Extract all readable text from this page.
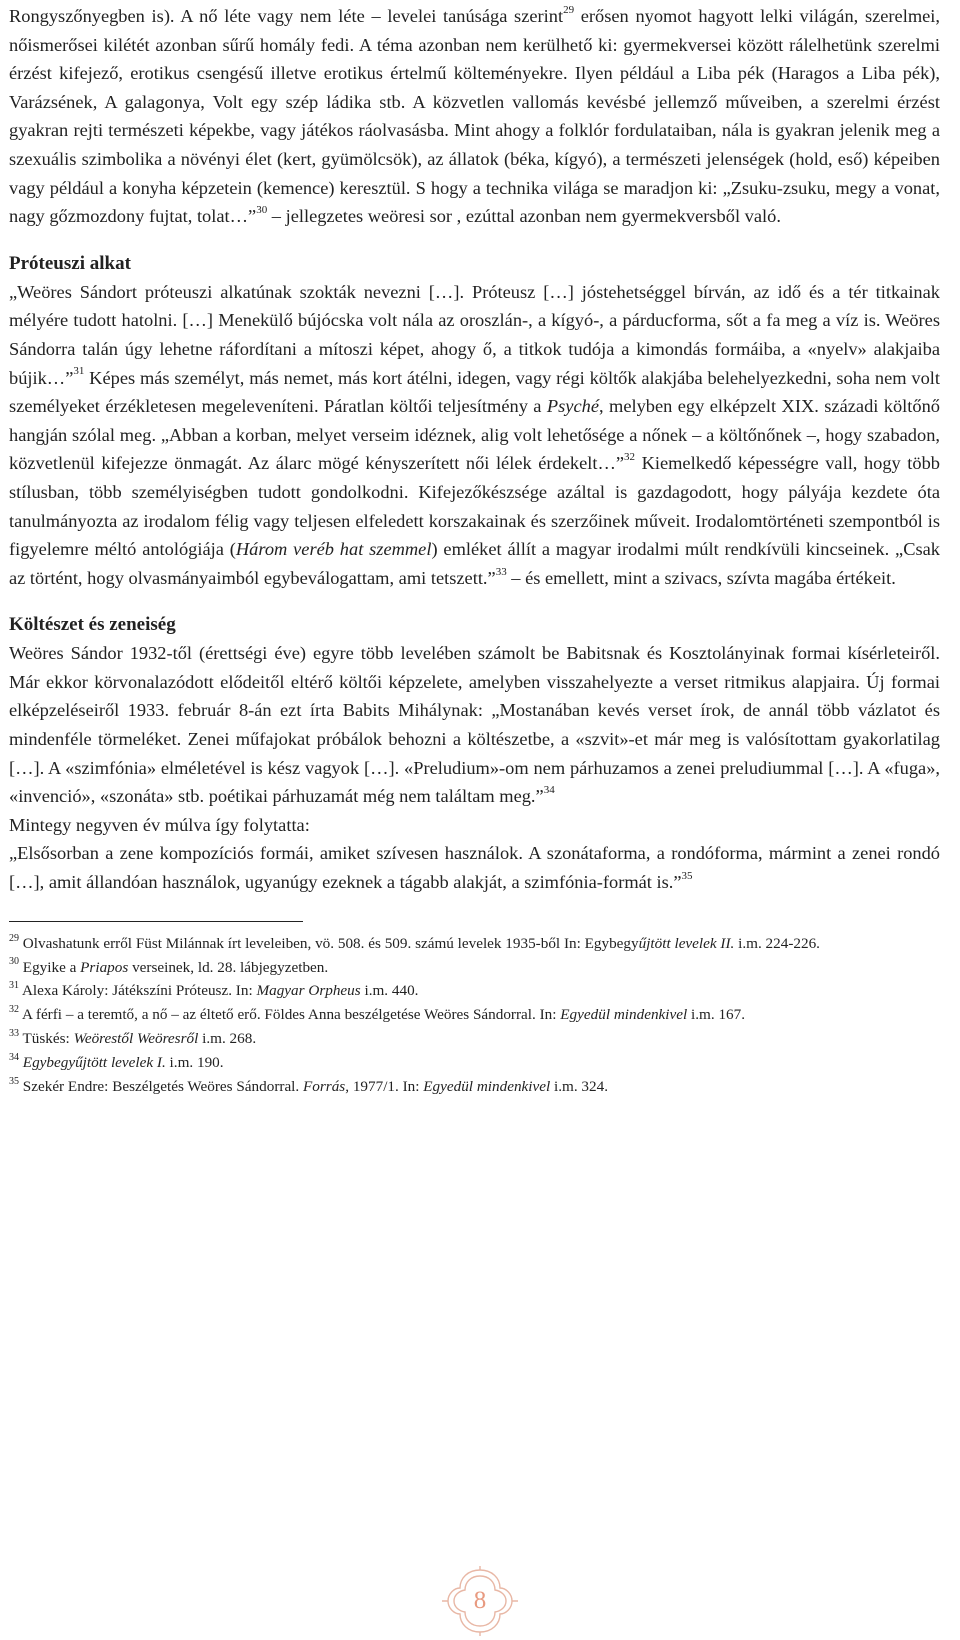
Rongyszőnyegben is). A nő léte vagy nem léte – levelei tanúsága szerint$^{29}$ erősen nyomot hagyott lelki világán, szerelmei, nőismerősei kilétét azonban sűrű homály fedi. A téma azonban nem kerülhető ki: gyermekversei között rálelhetünk szerelmi érzést kifejező, erotikus csengésű illetve erotikus értelmű költeményekre. Ilyen például a Liba pék (Haragos a Liba pék), Varázsének, A galagonya, Volt egy szép ládika stb. A közvetlen vallomás kevésbé jellemző műveiben, a szerelmi érzést gyakran rejti természeti képekbe, vagy játékos ráolvasásba. Mint ahogy a folklór fordulataiban, nála is gyakran jelenik meg a szexuális szimbolika a növényi élet (kert, gyümölcsök), az állatok (béka, kígyó), a természeti jelenségek (hold, eső) képeiben vagy például a konyha képzetein (kemence) keresztül. S hogy a technika világa se maradjon ki: „Zsuku-zsuku, megy a vonat, nagy gőzmozdony fujtat, tolat…”$^{30}$ – jellegzetes weöresi sor , ezúttal azonban nem gyermekversből való.

Próteuszi alkat

„Weöres Sándort próteuszi alkatúnak szokták nevezni […]. Próteusz […] jóstehetséggel bírván, az idő és a tér titkainak mélyére tudott hatolni. […] Menekülő bújócska volt nála az oroszlán-, a kígyó-, a párducforma, sőt a fa meg a víz is. Weöres Sándorra talán úgy lehetne ráfordítani a mítoszi képet, ahogy ő, a titkok tudója a kimondás formáiba, a «nyelv» alakjaiba bújik…”$^{31}$ Képes más személyt, más nemet, más kort átélni, idegen, vagy régi költők alakjába belehelyezkedni, soha nem volt személyeket érzékletesen megeleveníteni. Páratlan költői teljesítmény a Psyché, melyben egy elképzelt XIX. századi költőnő hangján szólal meg. „Abban a korban, melyet verseim idéznek, alig volt lehetősége a nőnek – a költőnőnek –, hogy szabadon, közvetlenül kifejezze önmagát. Az álarc mögé kényszerített női lélek érdekelt…”$^{32}$ Kiemelkedő képességre vall, hogy több stílusban, több személyiségben tudott gondolkodni. Kifejezőkészsége azáltal is gazdagodott, hogy pályája kezdete óta tanulmányozta az irodalom félig vagy teljesen elfeledett korszakainak és szerzőinek műveit. Irodalomtörténeti szempontból is figyelemre méltó antológiája (Három veréb hat szemmel) emléket állít a magyar irodalmi múlt rendkívüli kincseinek. „Csak az történt, hogy olvasmányaimból egybeválogattam, ami tetszett.”$^{33}$ – és emellett, mint a szivacs, szívta magába értékeit.

Költészet és zeneiség

Weöres Sándor 1932-től (érettségi éve) egyre több levelében számolt be Babitsnak és Kosztolányinak formai kísérleteiről. Már ekkor körvonalazódott elődeitől eltérő költői képzelete, amelyben visszahelyezte a verset ritmikus alapjaira. Új formai elképzeléseiről 1933. február 8-án ezt írta Babits Mihálynak: „Mostanában kevés verset írok, de annál több vázlatot és mindenféle törmeléket. Zenei műfajokat próbálok behozni a költészetbe, a «szvit»-et már meg is valósítottam gyakorlatilag […]. A «szimfónia» elméletével is kész vagyok […]. «Preludium»-om nem párhuzamos a zenei preludiummal […]. A «fuga», «invenció», «szonáta» stb. poétikai párhuzamát még nem találtam meg.”$^{34}$

Mintegy negyven év múlva így folytatta:

„Elsősorban a zene kompozíciós formái, amiket szívesen használok. A szonátaforma, a rondóforma, mármint a zenei rondó […], amit állandóan használok, ugyanúgy ezeknek a tágabb alakját, a szimfónia-formát is.”$^{35}$

$^{29}$ Olvashatunk erről Füst Milánnak írt leveleiben, vö. 508. és 509. számú levelek 1935-ből In: Egybegyűjtött levelek II. i.m. 224-226.

$^{30}$ Egyike a Priapos verseinek, ld. 28. lábjegyzetben.

$^{31}$ Alexa Károly: Játékszíni Próteusz. In: Magyar Orpheus i.m. 440.

$^{32}$ A férfi – a teremtő, a nő – az éltető erő. Földes Anna beszélgetése Weöres Sándorral. In: Egyedül mindenkivel i.m. 167.

$^{33}$ Tüskés: Weörestől Weöresről i.m. 268.

$^{34}$ Egybegyűjtött levelek I. i.m. 190.

$^{35}$ Szekér Endre: Beszélgetés Weöres Sándorral. Forrás, 1977/1. In: Egyedül mindenkivel i.m. 324.

8
